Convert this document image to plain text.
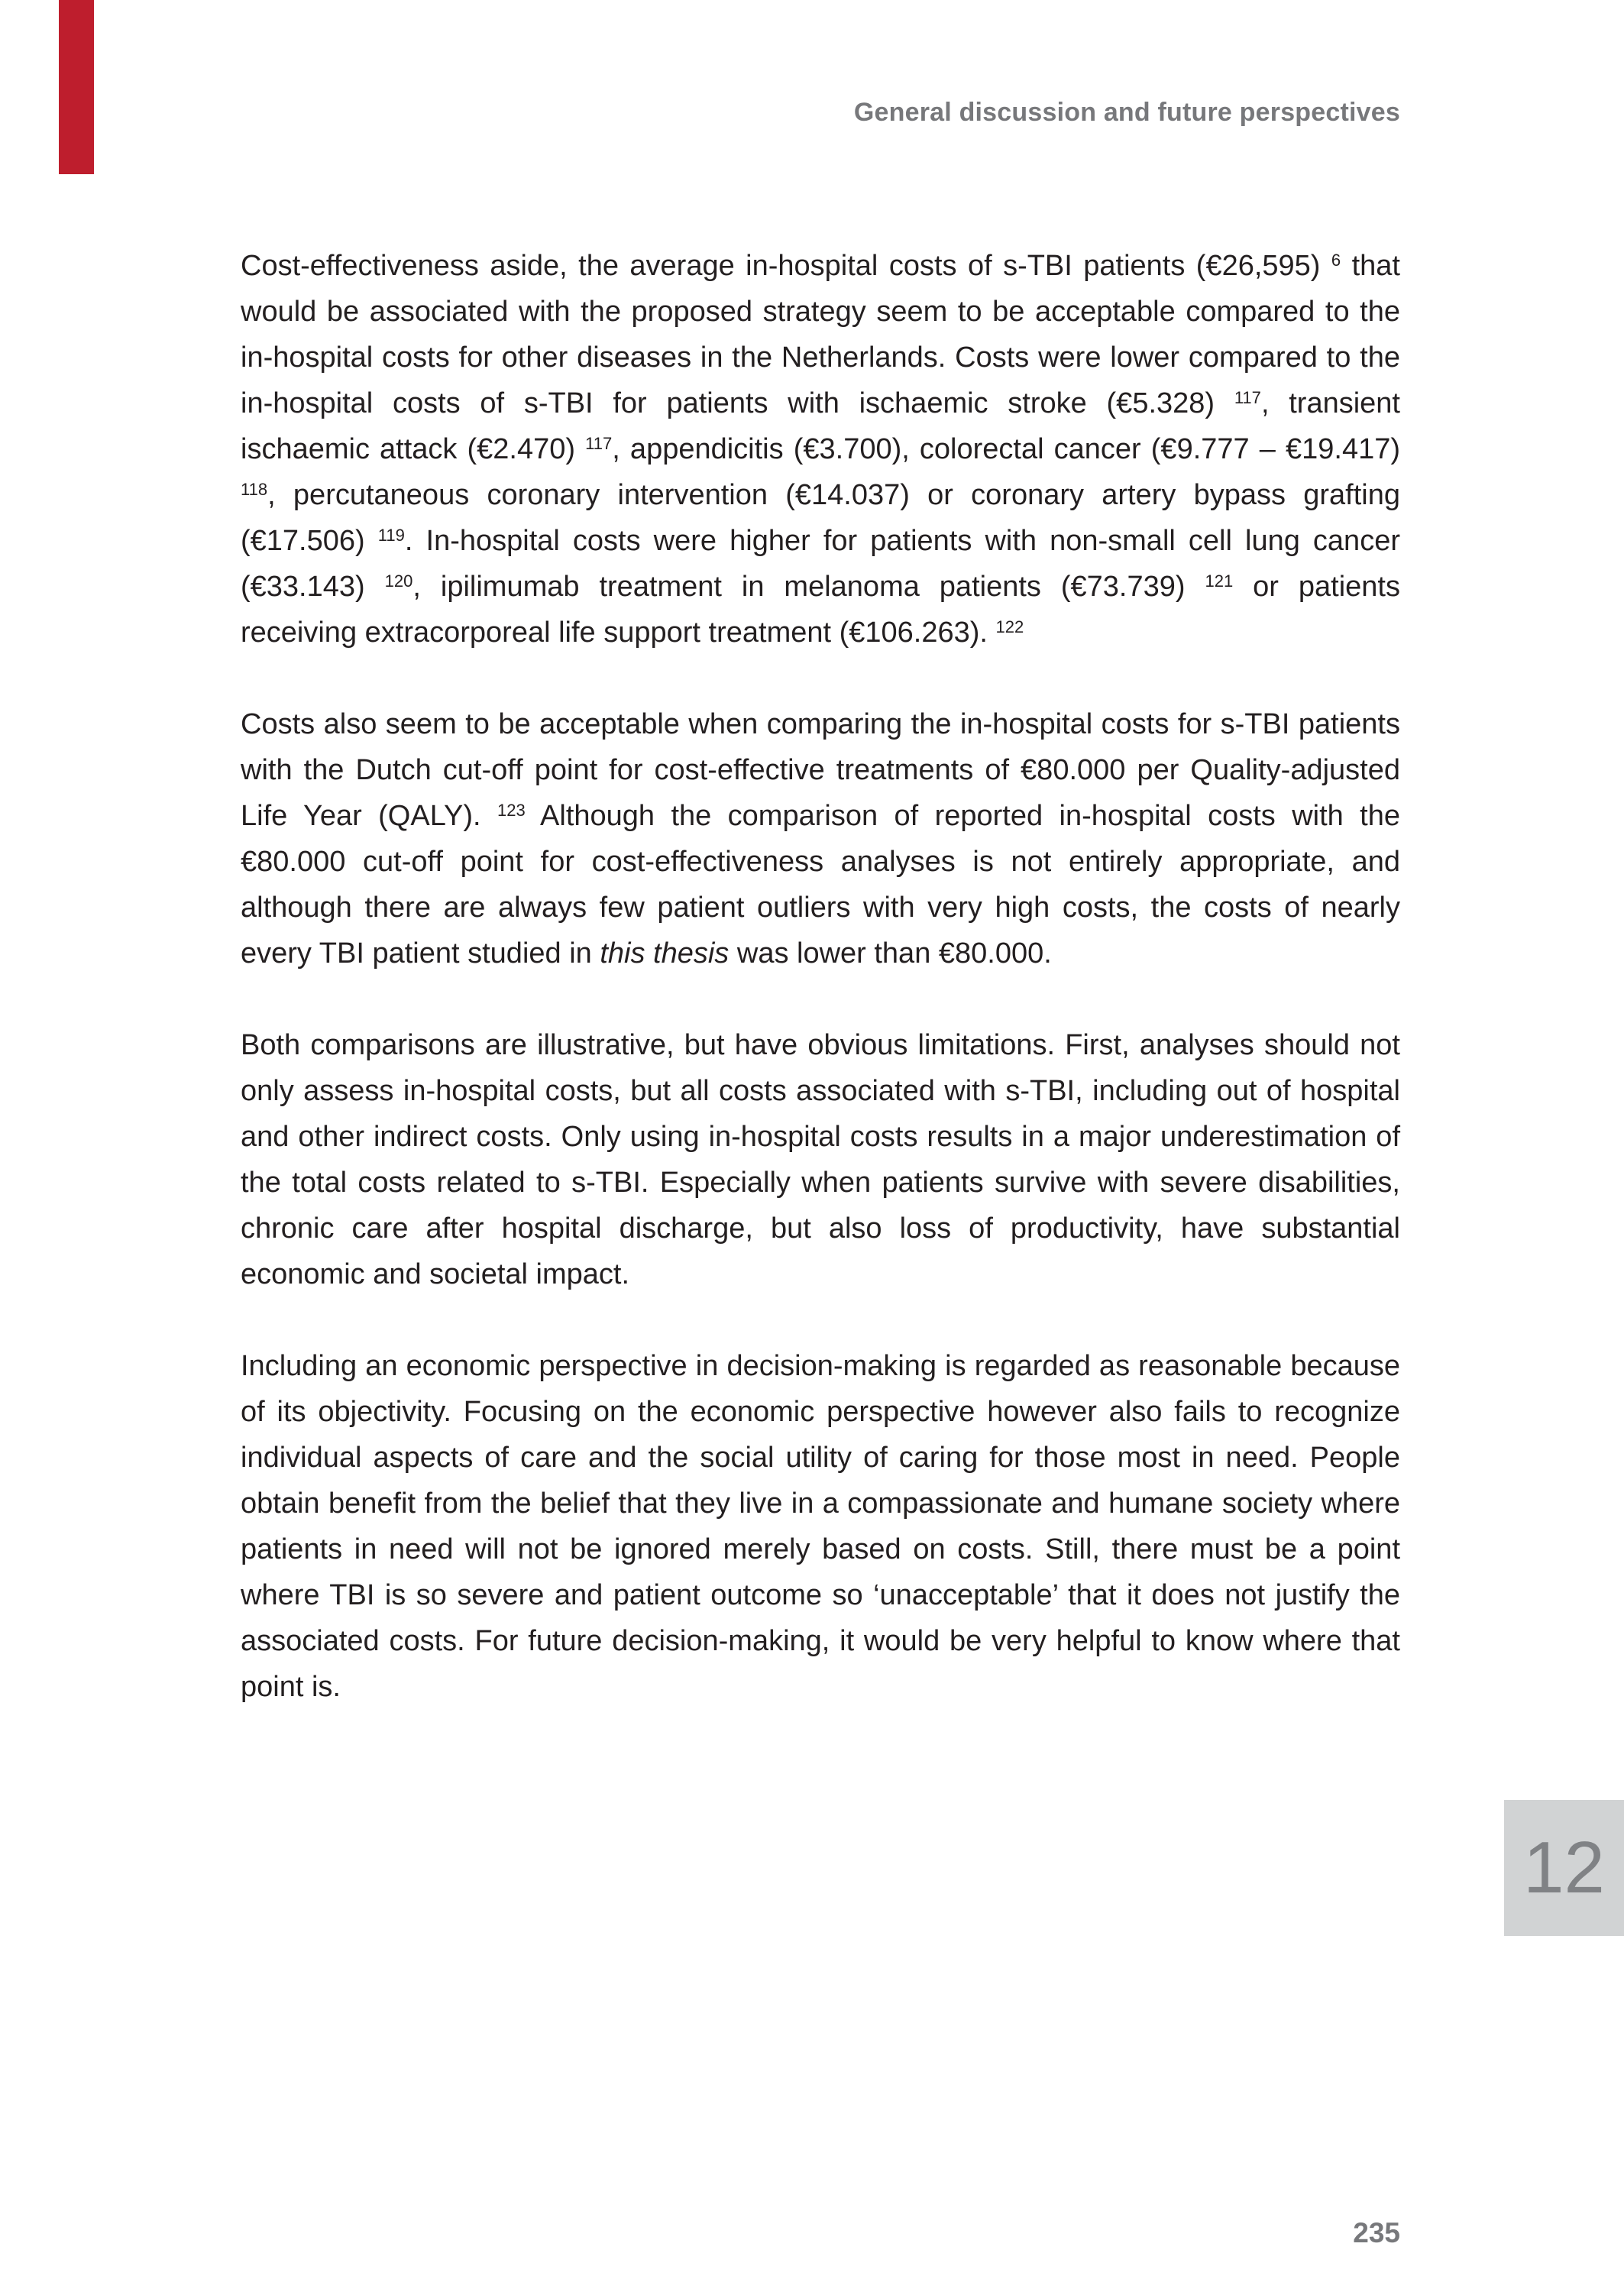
General discussion and future perspectives

Cost-effectiveness aside, the average in-hospital costs of s-TBI patients (€26,595) $^6$ that would be associated with the proposed strategy seem to be acceptable compared to the in-hospital costs for other diseases in the Netherlands. Costs were lower compared to the in-hospital costs of s-TBI for patients with ischaemic stroke (€5.328) $^{117}$, transient ischaemic attack (€2.470) $^{117}$, appendicitis (€3.700), colorectal cancer (€9.777 – €19.417) $^{118}$, percutaneous coronary intervention (€14.037) or coronary artery bypass grafting (€17.506) $^{119}$. In-hospital costs were higher for patients with non-small cell lung cancer (€33.143) $^{120}$, ipilimumab treatment in melanoma patients (€73.739) $^{121}$ or patients receiving extracorporeal life support treatment (€106.263). $^{122}$

Costs also seem to be acceptable when comparing the in-hospital costs for s-TBI patients with the Dutch cut-off point for cost-effective treatments of €80.000 per Quality-adjusted Life Year (QALY). $^{123}$ Although the comparison of reported in-hospital costs with the €80.000 cut-off point for cost-effectiveness analyses is not entirely appropriate, and although there are always few patient outliers with very high costs, the costs of nearly every TBI patient studied in this thesis was lower than €80.000.

Both comparisons are illustrative, but have obvious limitations. First, analyses should not only assess in-hospital costs, but all costs associated with s-TBI, including out of hospital and other indirect costs. Only using in-hospital costs results in a major underestimation of the total costs related to s-TBI. Especially when patients survive with severe disabilities, chronic care after hospital discharge, but also loss of productivity, have substantial economic and societal impact.

Including an economic perspective in decision-making is regarded as reasonable because of its objectivity. Focusing on the economic perspective however also fails to recognize individual aspects of care and the social utility of caring for those most in need. People obtain benefit from the belief that they live in a compassionate and humane society where patients in need will not be ignored merely based on costs. Still, there must be a point where TBI is so severe and patient outcome so ‘unacceptable’ that it does not justify the associated costs. For future decision-making, it would be very helpful to know where that point is.

12
235
